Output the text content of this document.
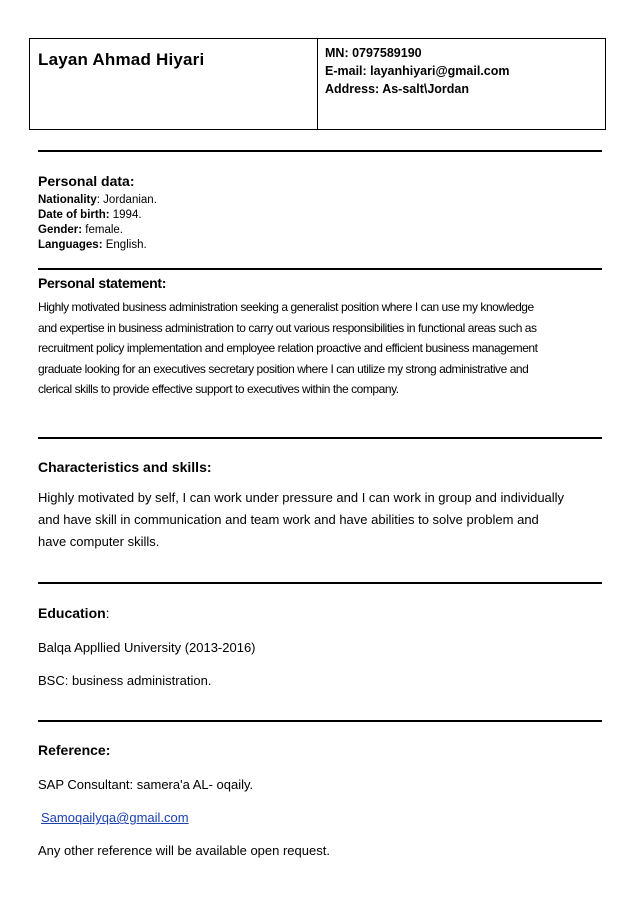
Layan Ahmad Hiyari	MN: 0797589190
E-mail: layanhiyari@gmail.com
Address: As-salt\Jordan
Personal data:
Nationality: Jordanian.
Date of birth: 1994.
Gender: female.
Languages: English.
Personal statement:
Highly motivated business administration seeking a generalist position where I can use my knowledge
and expertise in business administration to carry out various responsibilities in functional areas such as
recruitment policy implementation and employee relation proactive and efficient business management
graduate looking for an executives secretary position where I can utilize my strong administrative and
clerical skills to provide effective support to executives within the company.
Characteristics and skills:
Highly motivated by self, I can work under pressure and I can work in group and individually
and have skill in communication and team work and have abilities to solve problem and
have computer skills.
Education:
Balqa Appllied University (2013-2016)
BSC: business administration.
Reference:
SAP Consultant: samera'a AL- oqaily.
Samoqailyqa@gmail.com
Any other reference will be available open request.
